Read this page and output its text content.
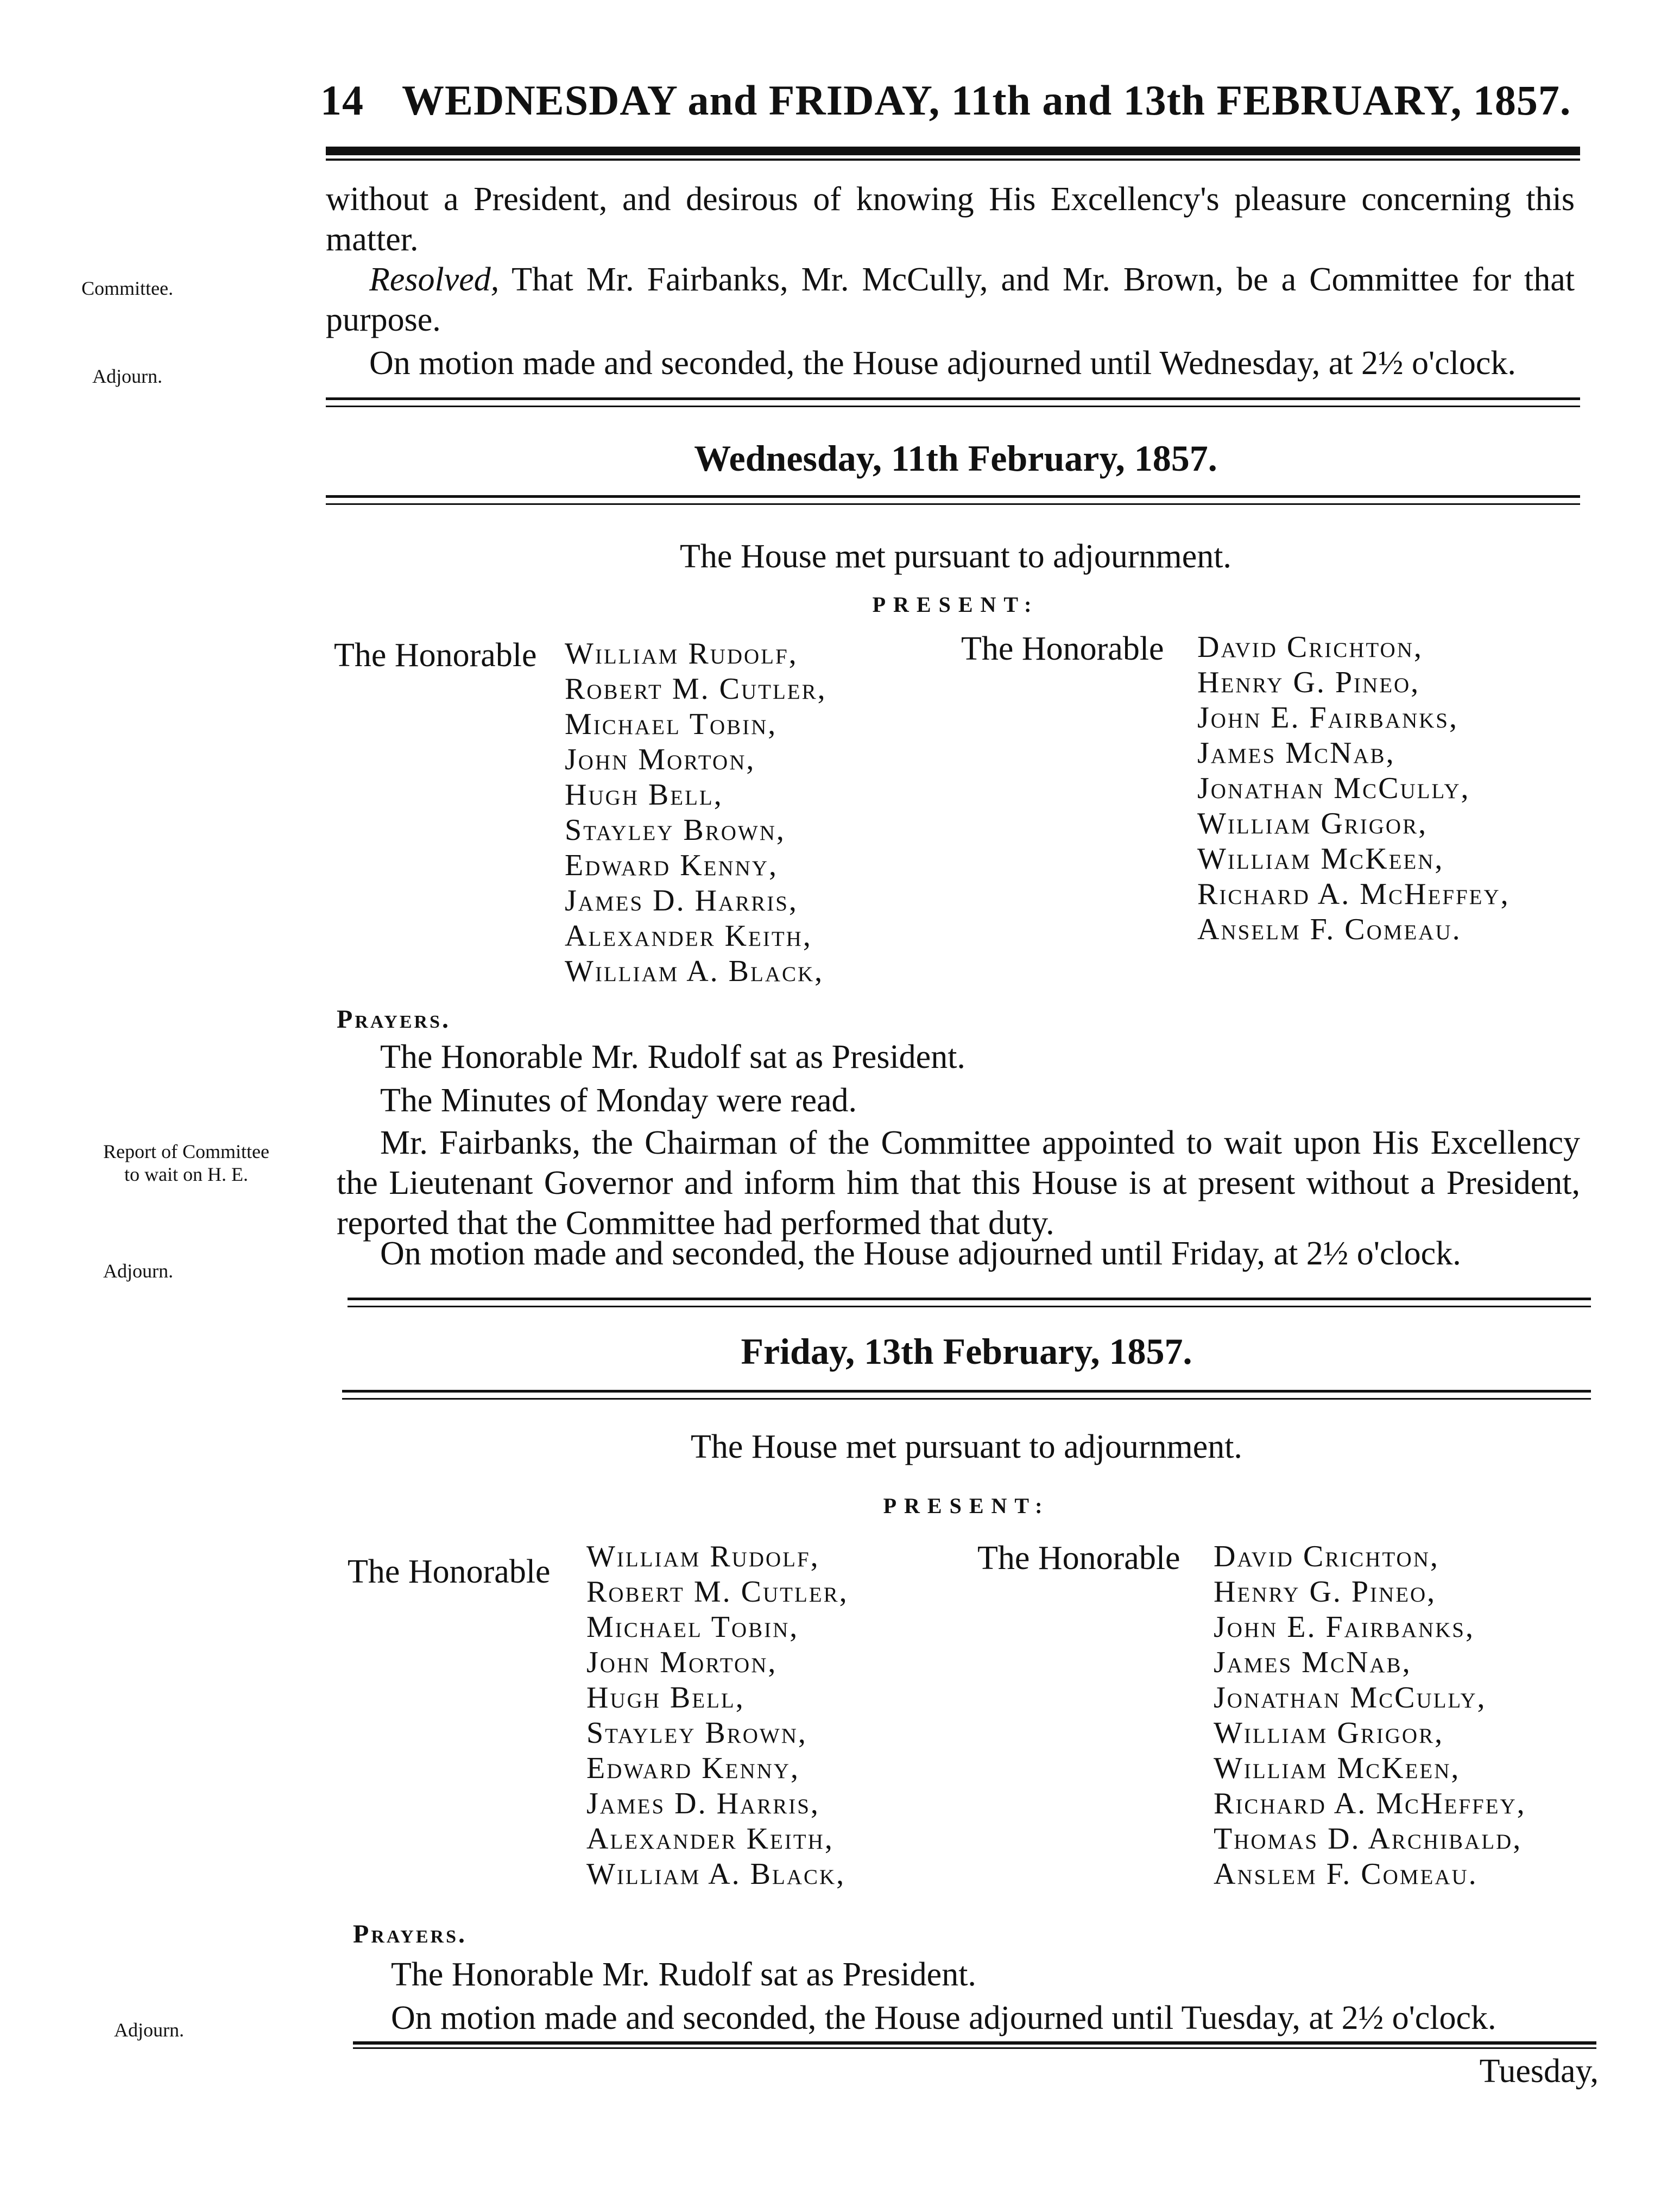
14 WEDNESDAY and FRIDAY, 11th and 13th FEBRUARY, 1857.
without a President, and desirous of knowing His Excellency's pleasure concerning this matter.
Resolved, That Mr. Fairbanks, Mr. McCully, and Mr. Brown, be a Committee for that purpose.
On motion made and seconded, the House adjourned until Wednesday, at 2½ o'clock.
Committee.
Adjourn.
Wednesday, 11th February, 1857.
The House met pursuant to adjournment.
PRESENT:
The Honorable William Rudolf,
Robert M. Cutler,
Michael Tobin,
John Morton,
Hugh Bell,
Stayley Brown,
Edward Kenny,
James D. Harris,
Alexander Keith,
William A. Black,
The Honorable David Crichton,
Henry G. Pineo,
John E. Fairbanks,
James McNab,
Jonathan McCully,
William Grigor,
William McKeen,
Richard A. McHeffey,
Anselm F. Comeau.
Prayers.
The Honorable Mr. Rudolf sat as President.
The Minutes of Monday were read.
Mr. Fairbanks, the Chairman of the Committee appointed to wait upon His Excellency the Lieutenant Governor and inform him that this House is at present without a President, reported that the Committee had performed that duty.
On motion made and seconded, the House adjourned until Friday, at 2½ o'clock.
Report of Committee
to wait on H. E.
Adjourn.
Friday, 13th February, 1857.
The House met pursuant to adjournment.
PRESENT:
The Honorable William Rudolf,
Robert M. Cutler,
Michael Tobin,
John Morton,
Hugh Bell,
Stayley Brown,
Edward Kenny,
James D. Harris,
Alexander Keith,
William A. Black,
The Honorable David Crichton,
Henry G. Pineo,
John E. Fairbanks,
James McNab,
Jonathan McCully,
William Grigor,
William McKeen,
Richard A. McHeffey,
Thomas D. Archibald,
Anslem F. Comeau.
Prayers.
The Honorable Mr. Rudolf sat as President.
On motion made and seconded, the House adjourned until Tuesday, at 2½ o'clock.
Adjourn.
Tuesday,
